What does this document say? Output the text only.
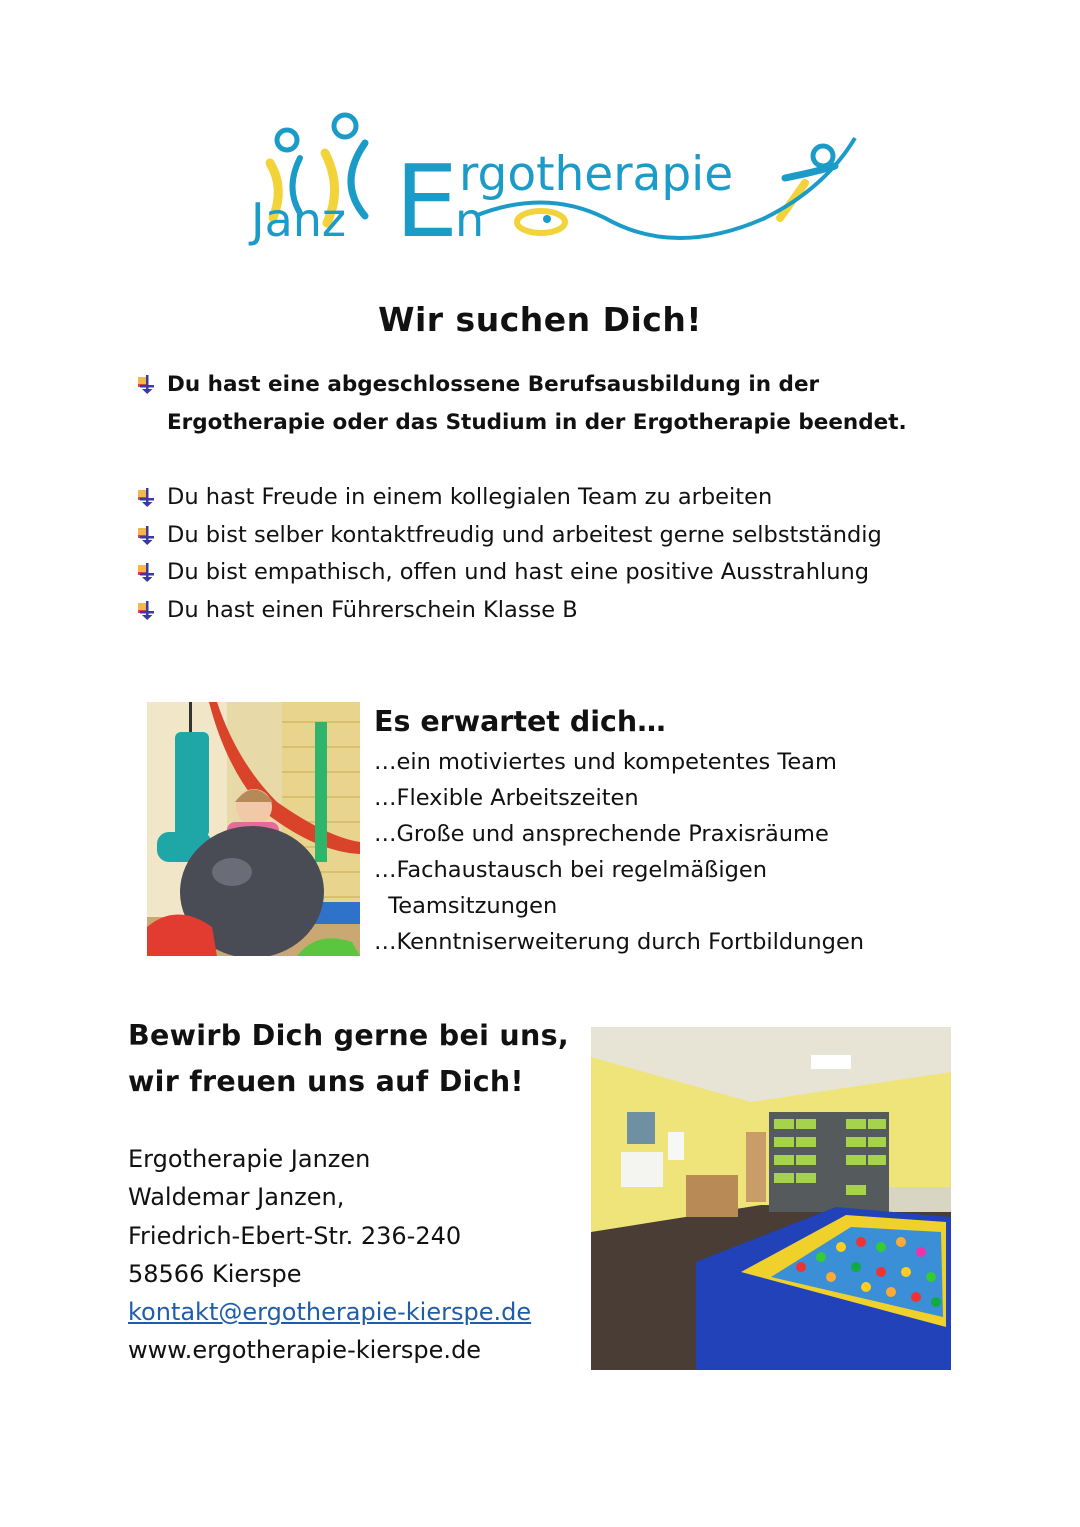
E
Janz n
rgotherapie
Wir suchen Dich!
Du hast eine abgeschlossene Berufsausbildung in der
Ergotherapie oder das Studium in der Ergotherapie beendet.
Du hast Freude in einem kollegialen Team zu arbeiten
Du bist selber kontaktfreudig und arbeitest gerne selbstständig
Du bist empathisch, offen und hast eine positive Ausstrahlung
Du hast einen Führerschein Klasse B
Es erwartet dich…
…ein motiviertes und kompetentes Team
…Flexible Arbeitszeiten
…Große und ansprechende Praxisräume
…Fachaustausch bei regelmäßigen
Teamsitzungen
…Kenntniserweiterung durch Fortbildungen
Bewirb Dich gerne bei uns,
wir freuen uns auf Dich!
Ergotherapie Janzen
Waldemar Janzen,
Friedrich-Ebert-Str. 236-240
58566 Kierspe
kontakt@ergotherapie-kierspe.de
www.ergotherapie-kierspe.de
